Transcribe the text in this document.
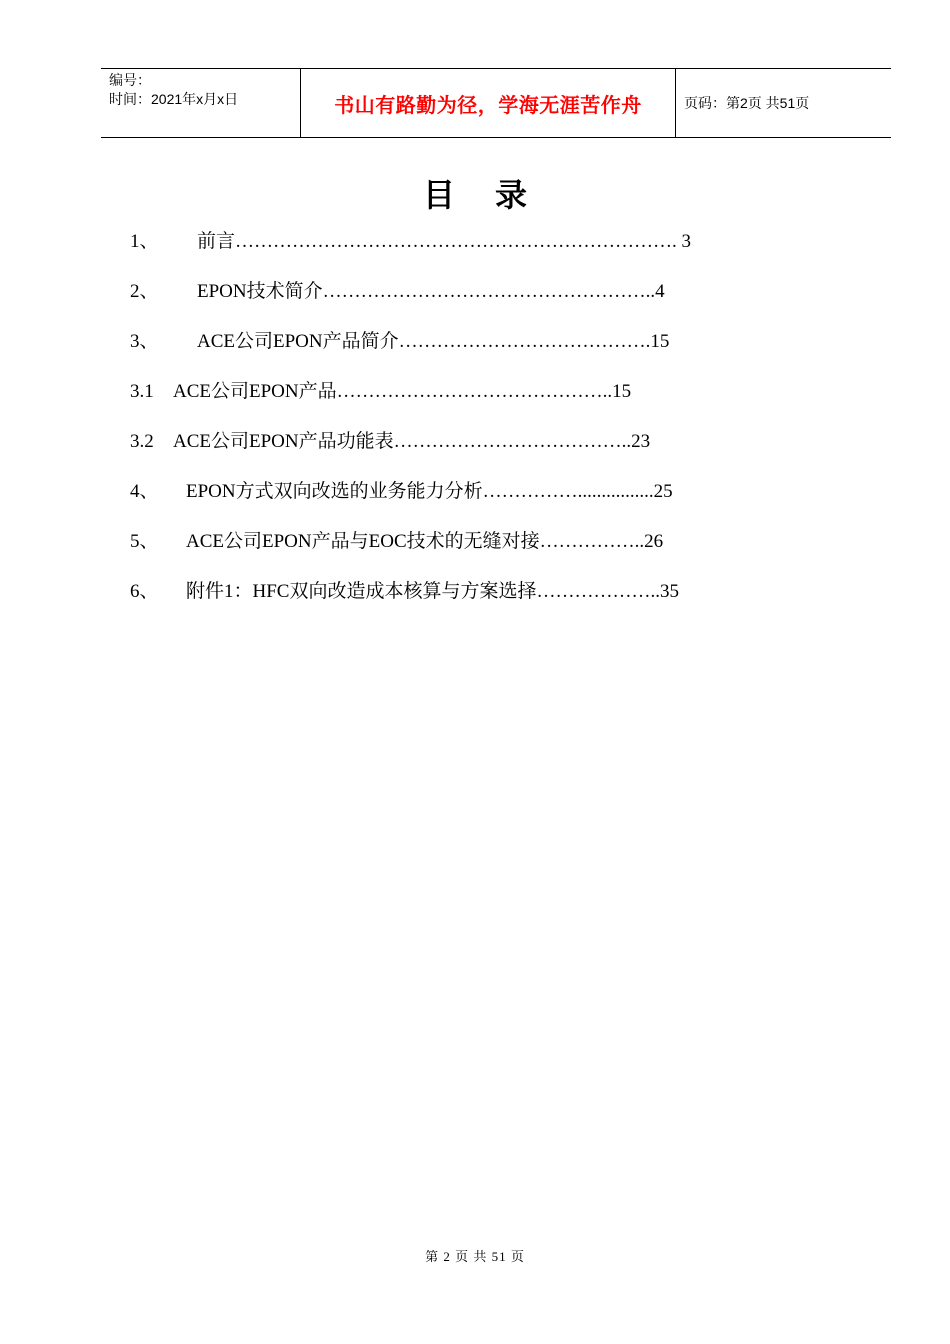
编号：
时间：2021年x月x日	书山有路勤为径，学海无涯苦作舟	页码：第2页 共51页
目录
1、 前言……………………………………………………………. 3
2、 EPON技术简介……………………………………………..4
3、 ACE公司EPON产品简介………………………………….15
3.1 ACE公司EPON产品……………………………………..15
3.2 ACE公司EPON产品功能表………………………………..23
4、 EPON方式双向改选的业务能力分析……………................25
5、 ACE公司EPON产品与EOC技术的无缝对接……………..26
6、 附件1：HFC双向改造成本核算与方案选择………………..35
第 2 页 共 51 页
